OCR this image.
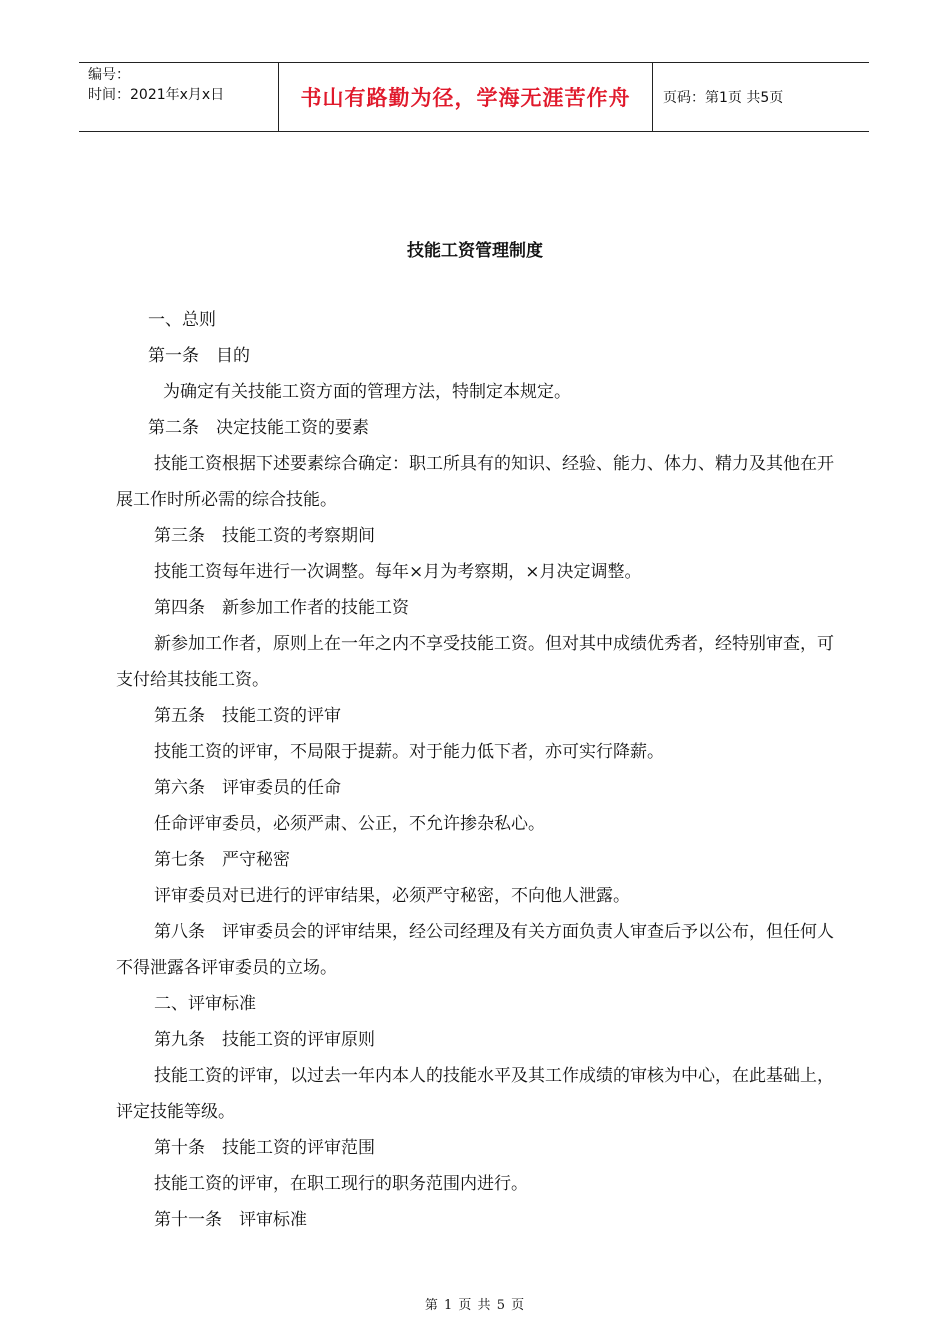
编号：
时间：2021年x月x日	书山有路勤为径，学海无涯苦作舟	页码：第1页 共5页
技能工资管理制度

一、总则

第一条　目的

为确定有关技能工资方面的管理方法，特制定本规定。

第二条　决定技能工资的要素

技能工资根据下述要素综合确定：职工所具有的知识、经验、能力、体力、精力及其他在开展工作时所必需的综合技能。

第三条　技能工资的考察期间

技能工资每年进行一次调整。每年×月为考察期，×月决定调整。

第四条　新参加工作者的技能工资

新参加工作者，原则上在一年之内不享受技能工资。但对其中成绩优秀者，经特别审查，可支付给其技能工资。

第五条　技能工资的评审

技能工资的评审，不局限于提薪。对于能力低下者，亦可实行降薪。

第六条　评审委员的任命

任命评审委员，必须严肃、公正，不允许掺杂私心。

第七条　严守秘密

评审委员对已进行的评审结果，必须严守秘密，不向他人泄露。

第八条　评审委员会的评审结果，经公司经理及有关方面负责人审查后予以公布，但任何人不得泄露各评审委员的立场。

二、评审标准

第九条　技能工资的评审原则

技能工资的评审，以过去一年内本人的技能水平及其工作成绩的审核为中心，在此基础上，评定技能等级。

第十条　技能工资的评审范围

技能工资的评审，在职工现行的职务范围内进行。

第十一条　评审标准

第 1 页 共 5 页
